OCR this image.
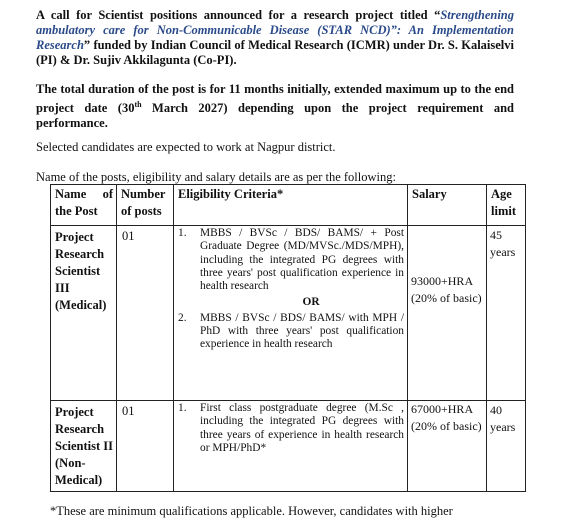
A call for Scientist positions announced for a research project titled “Strengthening ambulatory care for Non-Communicable Disease (STAR NCD)”: An Implementation Research” funded by Indian Council of Medical Research (ICMR) under Dr. S. Kalaiselvi (PI) & Dr. Sujiv Akkilagunta (Co-PI).
The total duration of the post is for 11 months initially, extended maximum up to the end project date (30th March 2027) depending upon the project requirement and performance.
Selected candidates are expected to work at Nagpur district.
Name of the posts, eligibility and salary details are as per the following:
Name of the Post	Number of posts	Eligibility Criteria*	Salary	Age limit

Project Research Scientist III (Medical)	01	1. MBBS / BVSc / BDS/ BAMS/ + Post Graduate Degree (MD/MVSc./MDS/MPH), including the integrated PG degrees with three years' post qualification experience in health research
OR
2. MBBS / BVSc / BDS/ BAMS/ with MPH / PhD with three years' post qualification experience in health research	93000+HRA (20% of basic)	45 years

Project Research Scientist II (Non-Medical)	01	1. First class postgraduate degree (M.Sc , including the integrated PG degrees with three years of experience in health research or MPH/PhD*	67000+HRA (20% of basic)	40 years
*These are minimum qualifications applicable. However, candidates with higher
